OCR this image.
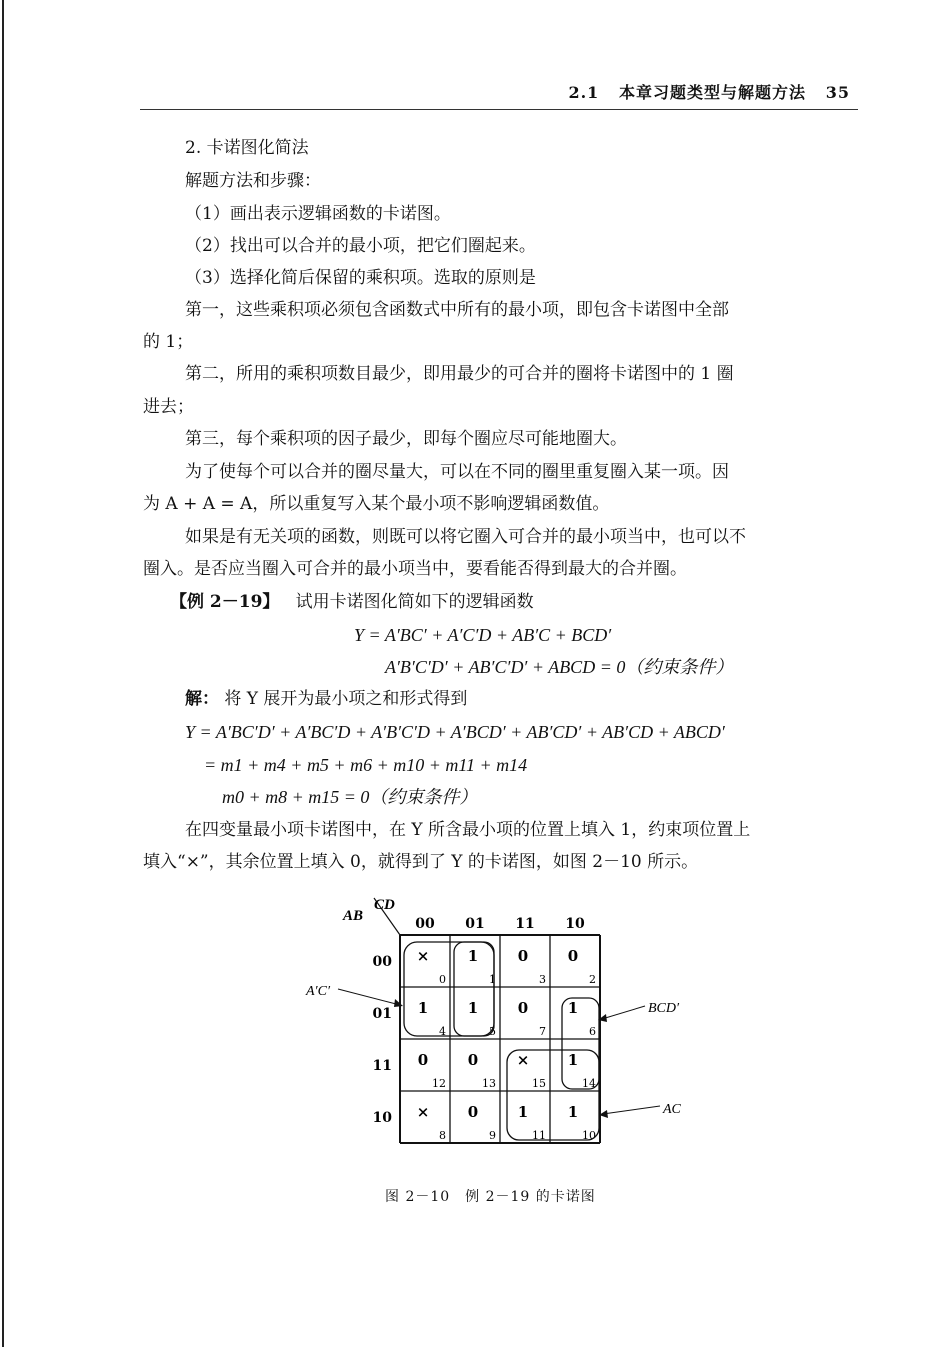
2.1 本章习题类型与解题方法 35
2. 卡诺图化简法
解题方法和步骤：
（1）画出表示逻辑函数的卡诺图。
（2）找出可以合并的最小项，把它们圈起来。
（3）选择化简后保留的乘积项。选取的原则是
第一，这些乘积项必须包含函数式中所有的最小项，即包含卡诺图中全部
的 1；
第二，所用的乘积项数目最少，即用最少的可合并的圈将卡诺图中的 1 圈
进去；
第三，每个乘积项的因子最少，即每个圈应尽可能地圈大。
为了使每个可以合并的圈尽量大，可以在不同的圈里重复圈入某一项。因
为 A + A = A，所以重复写入某个最小项不影响逻辑函数值。
如果是有无关项的函数，则既可以将它圈入可合并的最小项当中，也可以不
圈入。是否应当圈入可合并的最小项当中，要看能否得到最大的合并圈。
【例 2－19】 试用卡诺图化简如下的逻辑函数
Y = A′BC′ + A′C′D + AB′C + BCD′
A′B′C′D′ + AB′C′D′ + ABCD = 0（约束条件）
解： 将 Y 展开为最小项之和形式得到
Y = A′BC′D′ + A′BC′D + A′B′C′D + A′BCD′ + AB′CD′ + AB′CD + ABCD′
= m1 + m4 + m5 + m6 + m10 + m11 + m14
m0 + m8 + m15 = 0（约束条件）
在四变量最小项卡诺图中，在 Y 所含最小项的位置上填入 1，约束项位置上
填入“×”，其余位置上填入 0，就得到了 Y 的卡诺图，如图 2－10 所示。
CD
AB	00 01 11 10
00
01
11
10
×
0
1
1
0
3
0
2
1
4
1
5
0
7
1
6
0
12
0
13
×
15
1
14
×
8
0
9
1
11
1
10
A′C′
BCD′
AC
图 2－10　例 2－19 的卡诺图
